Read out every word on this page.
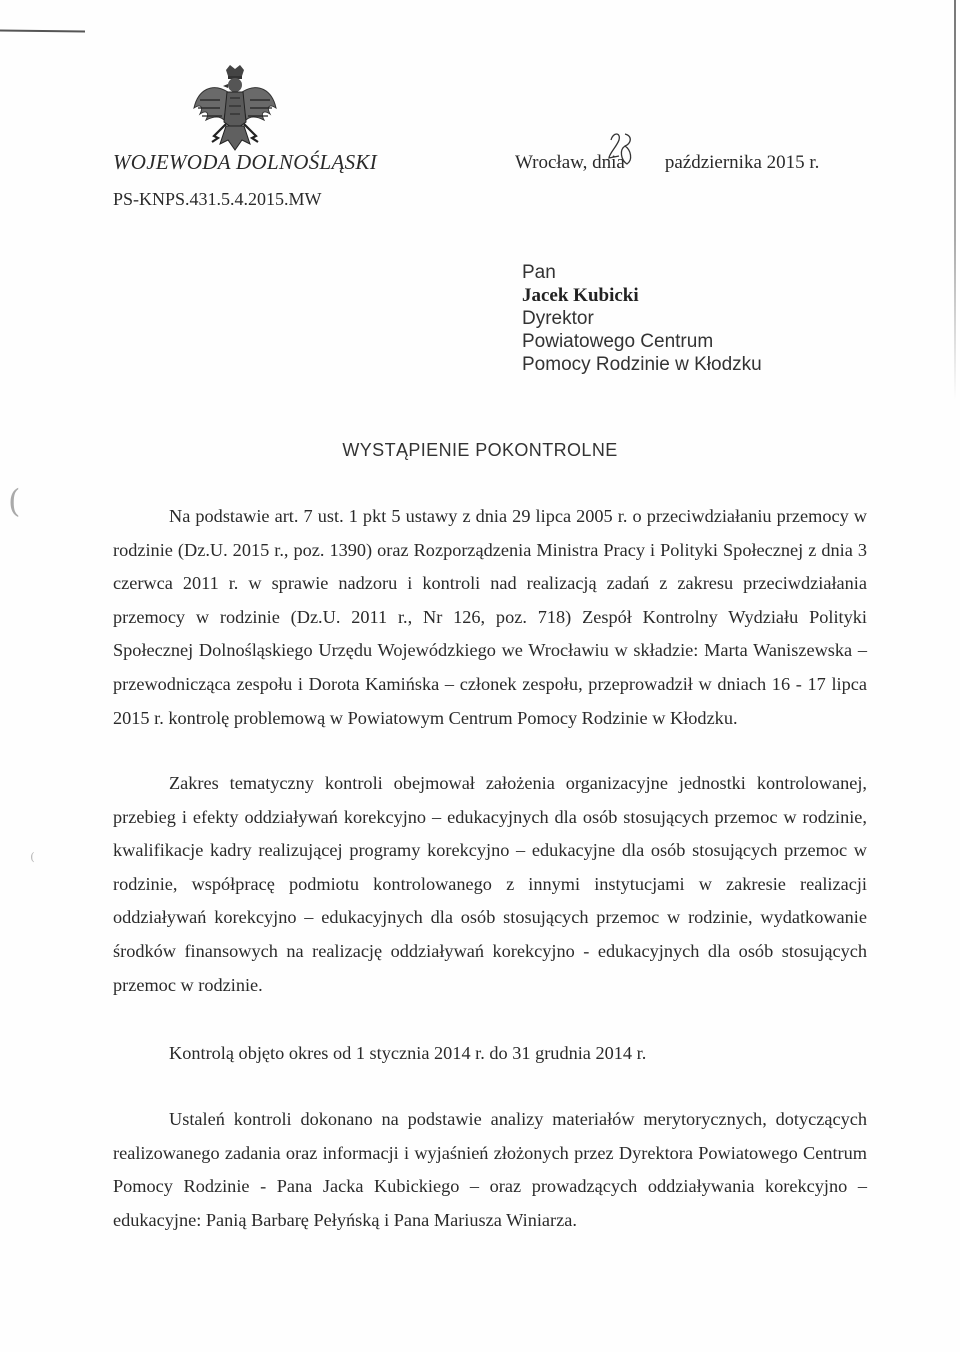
(
⁽
WOJEWODA DOLNOŚLĄSKI
PS-KNPS.431.5.4.2015.MW
Wrocław, dnia października 2015 r.
Pan
Jacek Kubicki
Dyrektor
Powiatowego Centrum
Pomocy Rodzinie w Kłodzku
WYSTĄPIENIE POKONTROLNE
Na podstawie art. 7 ust. 1 pkt 5 ustawy z dnia 29 lipca 2005 r. o przeciwdziałaniu przemocy w rodzinie (Dz.U. 2015 r., poz. 1390) oraz Rozporządzenia Ministra Pracy i Polityki Społecznej z dnia 3 czerwca 2011 r. w sprawie nadzoru i kontroli nad realizacją zadań z zakresu przeciwdziałania przemocy w rodzinie (Dz.U. 2011 r., Nr 126, poz. 718) Zespół Kontrolny Wydziału Polityki Społecznej Dolnośląskiego Urzędu Wojewódzkiego we Wrocławiu w składzie: Marta Waniszewska – przewodnicząca zespołu i Dorota Kamińska – członek zespołu, przeprowadził w dniach 16 - 17 lipca 2015 r. kontrolę problemową w Powiatowym Centrum Pomocy Rodzinie w Kłodzku.
Zakres tematyczny kontroli obejmował założenia organizacyjne jednostki kontrolowanej, przebieg i efekty oddziaływań korekcyjno – edukacyjnych dla osób stosujących przemoc w rodzinie, kwalifikacje kadry realizującej programy korekcyjno – edukacyjne dla osób stosujących przemoc w rodzinie, współpracę podmiotu kontrolowanego z innymi instytucjami w zakresie realizacji oddziaływań korekcyjno – edukacyjnych dla osób stosujących przemoc w rodzinie, wydatkowanie środków finansowych na realizację oddziaływań korekcyjno - edukacyjnych dla osób stosujących przemoc w rodzinie.
Kontrolą objęto okres od 1 stycznia 2014 r. do 31 grudnia 2014 r.
Ustaleń kontroli dokonano na podstawie analizy materiałów merytorycznych, dotyczących realizowanego zadania oraz informacji i wyjaśnień złożonych przez Dyrektora Powiatowego Centrum Pomocy Rodzinie - Pana Jacka Kubickiego – oraz prowadzących oddziaływania korekcyjno – edukacyjne: Panią Barbarę Pełyńską i Pana Mariusza Winiarza.
